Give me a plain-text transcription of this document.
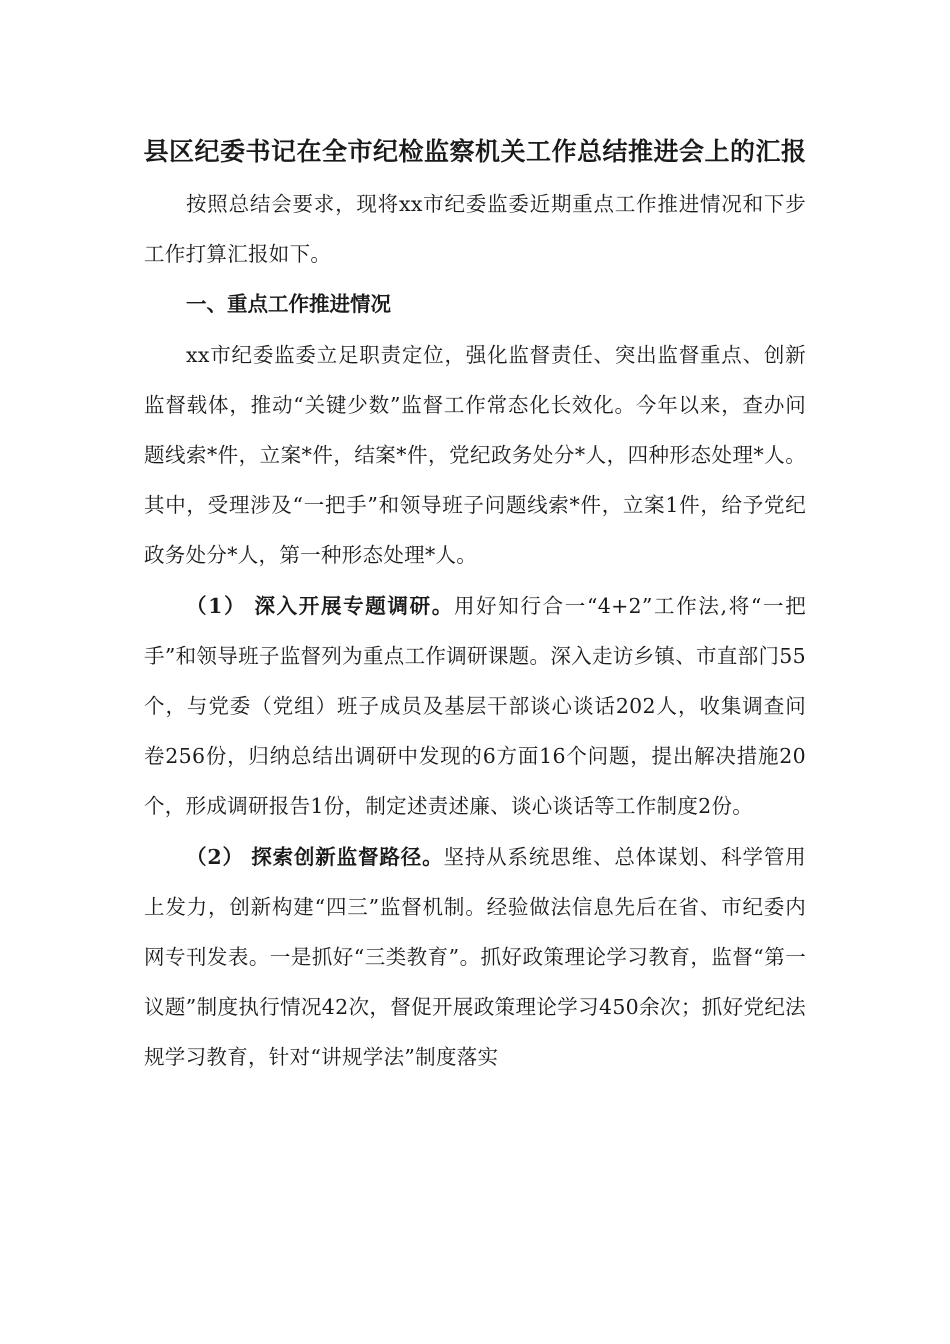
县区纪委书记在全市纪检监察机关工作总结推进会上的汇报

按照总结会要求，现将xx市纪委监委近期重点工作推进情况和下步工作打算汇报如下。

一、重点工作推进情况

xx市纪委监委立足职责定位，强化监督责任、突出监督重点、创新监督载体，推动“关键少数”监督工作常态化长效化。今年以来，查办问题线索*件，立案*件，结案*件，党纪政务处分*人，四种形态处理*人。其中，受理涉及“一把手”和领导班子问题线索*件，立案1件，给予党纪政务处分*人，第一种形态处理*人。

（1） 深入开展专题调研。用好知行合一“4+2”工作法,将“一把手”和领导班子监督列为重点工作调研课题。深入走访乡镇、市直部门55个，与党委（党组）班子成员及基层干部谈心谈话202人，收集调查问卷256份，归纳总结出调研中发现的6方面16个问题，提出解决措施20个，形成调研报告1份，制定述责述廉、谈心谈话等工作制度2份。

（2） 探索创新监督路径。坚持从系统思维、总体谋划、科学管用上发力，创新构建“四三”监督机制。经验做法信息先后在省、市纪委内网专刊发表。一是抓好“三类教育”。抓好政策理论学习教育，监督“第一议题”制度执行情况42次，督促开展政策理论学习450余次；抓好党纪法规学习教育，针对“讲规学法”制度落实
